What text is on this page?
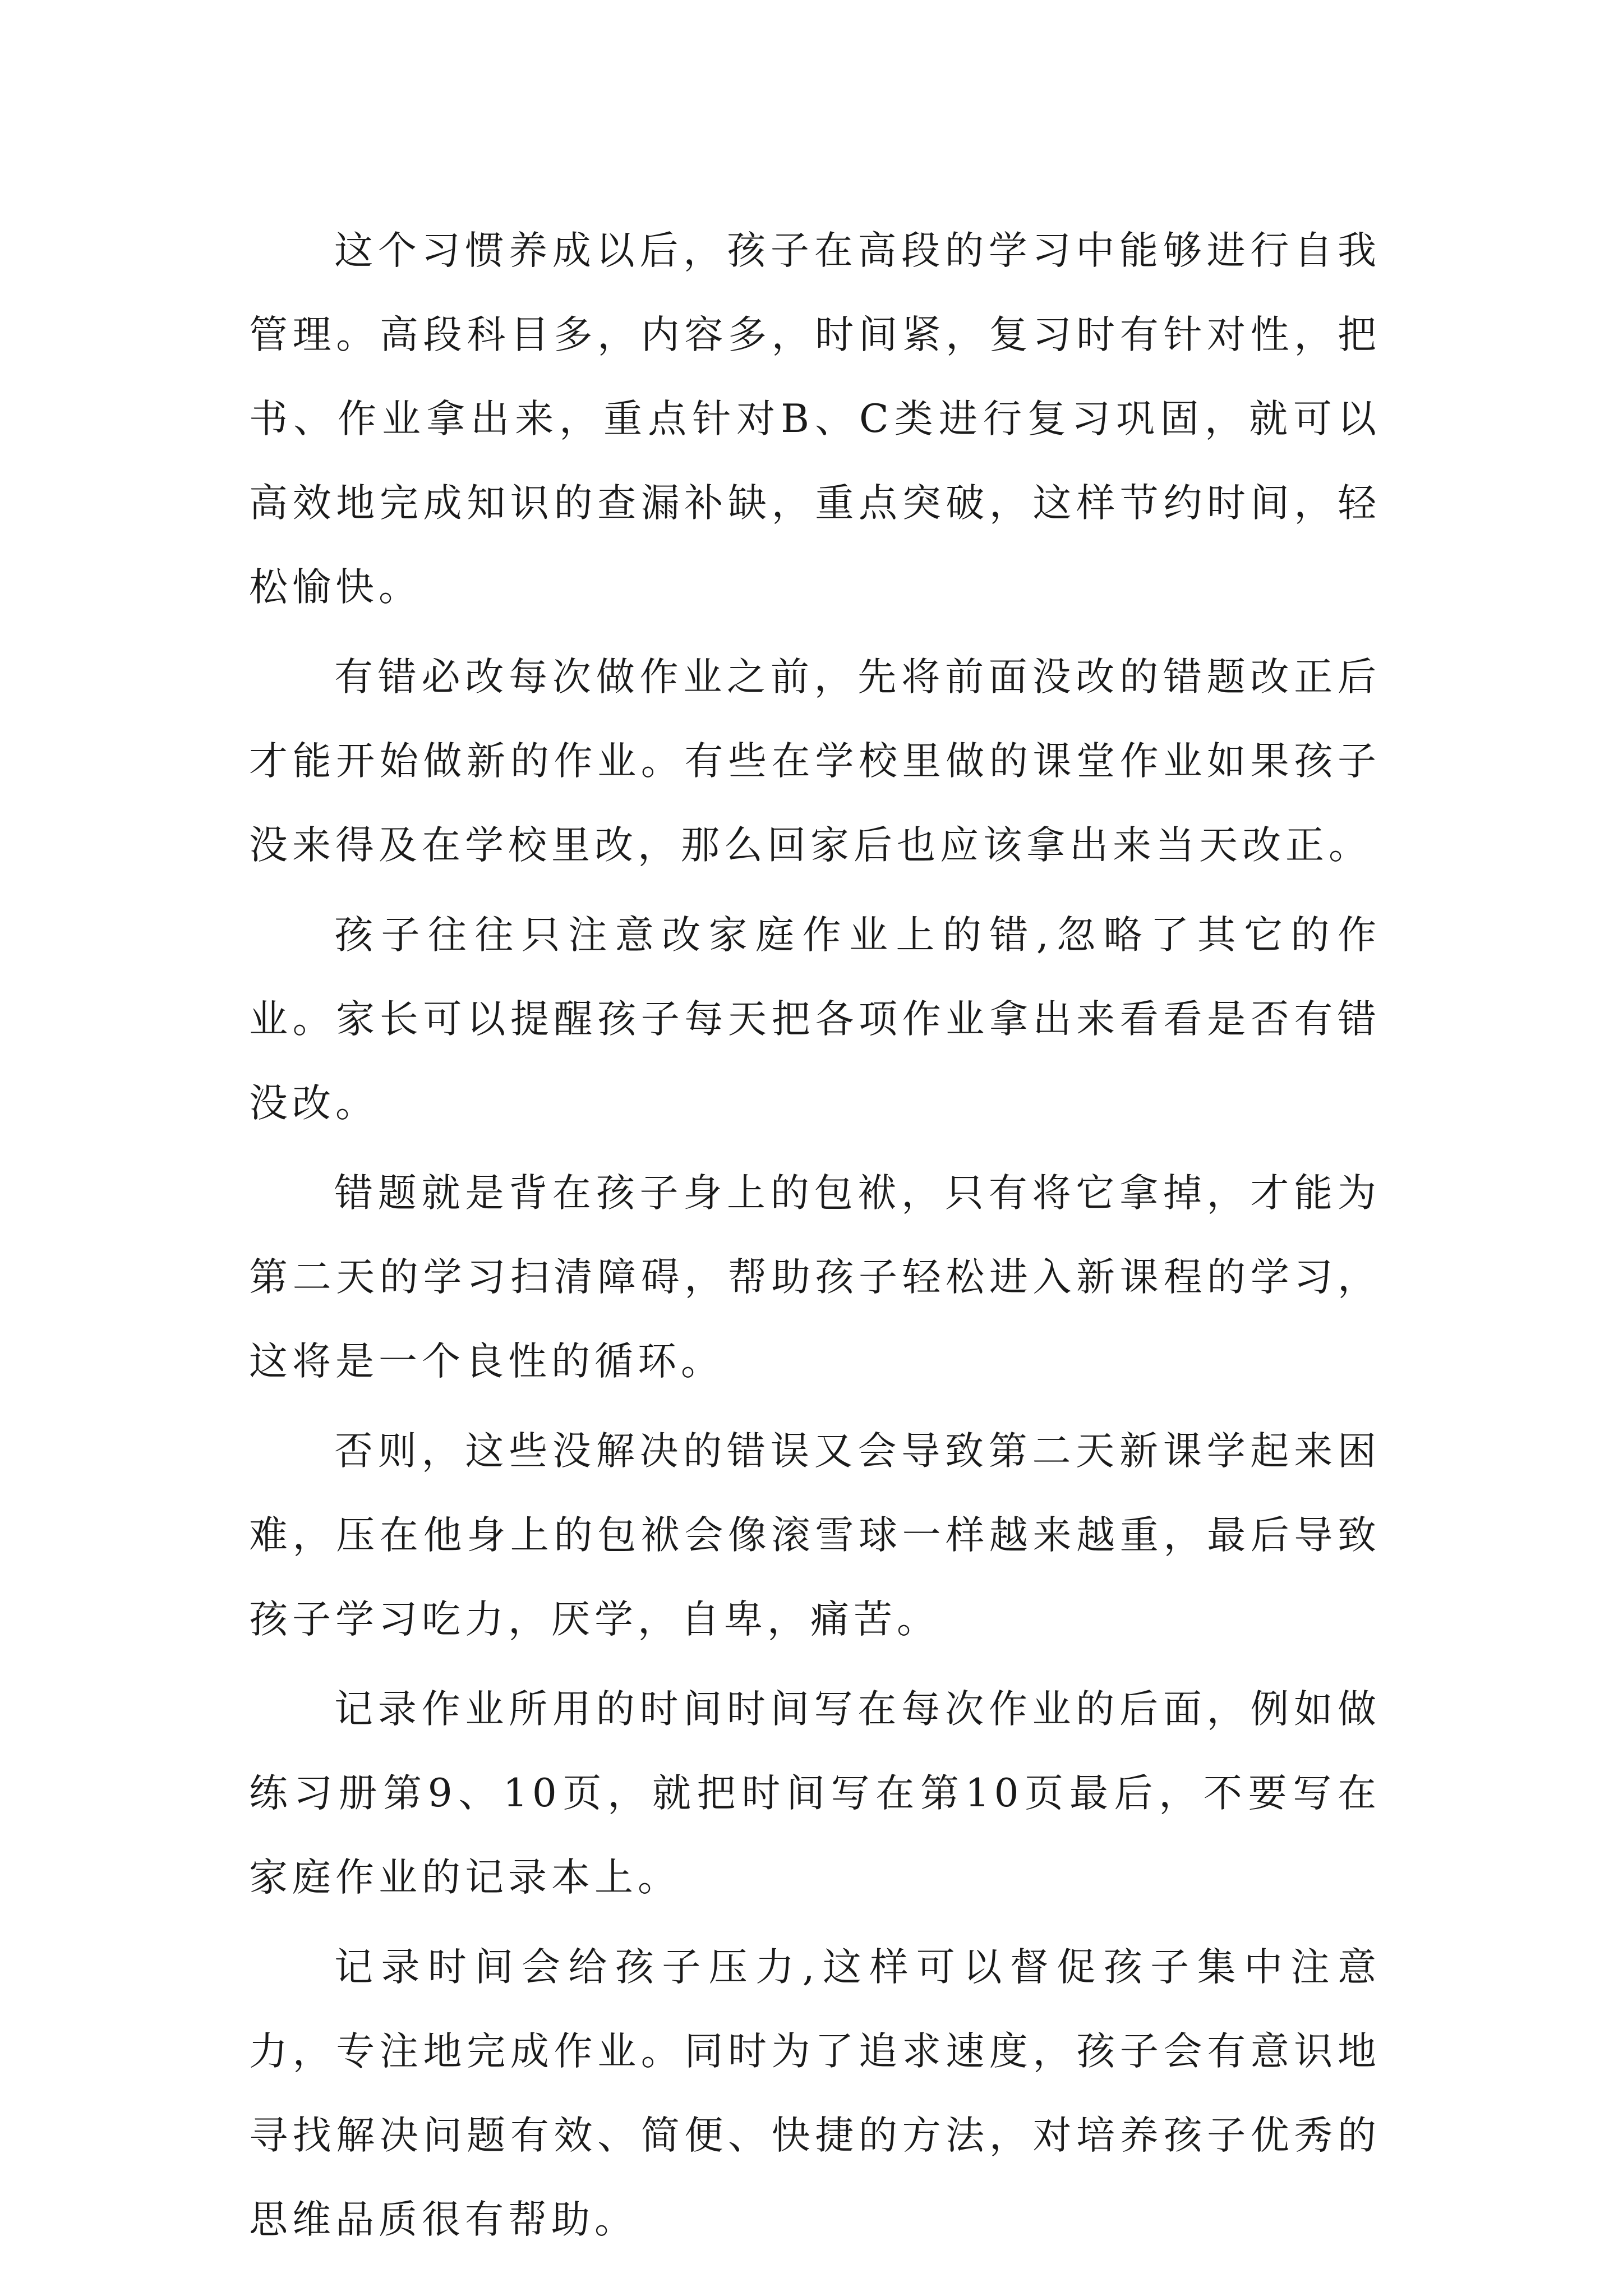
这个习惯养成以后，孩子在高段的学习中能够进行自我管理。高段科目多，内容多，时间紧，复习时有针对性，把书、作业拿出来，重点针对B、C类进行复习巩固，就可以高效地完成知识的查漏补缺，重点突破，这样节约时间，轻松愉快。

有错必改每次做作业之前，先将前面没改的错题改正后才能开始做新的作业。有些在学校里做的课堂作业如果孩子没来得及在学校里改，那么回家后也应该拿出来当天改正。

孩子往往只注意改家庭作业上的错,忽略了其它的作业。家长可以提醒孩子每天把各项作业拿出来看看是否有错没改。

错题就是背在孩子身上的包袱，只有将它拿掉，才能为第二天的学习扫清障碍，帮助孩子轻松进入新课程的学习，这将是一个良性的循环。

否则，这些没解决的错误又会导致第二天新课学起来困难，压在他身上的包袱会像滚雪球一样越来越重，最后导致孩子学习吃力，厌学，自卑，痛苦。

记录作业所用的时间时间写在每次作业的后面，例如做练习册第9、10页，就把时间写在第10页最后，不要写在家庭作业的记录本上。

记录时间会给孩子压力,这样可以督促孩子集中注意力，专注地完成作业。同时为了追求速度，孩子会有意识地寻找解决问题有效、简便、快捷的方法，对培养孩子优秀的思维品质很有帮助。
